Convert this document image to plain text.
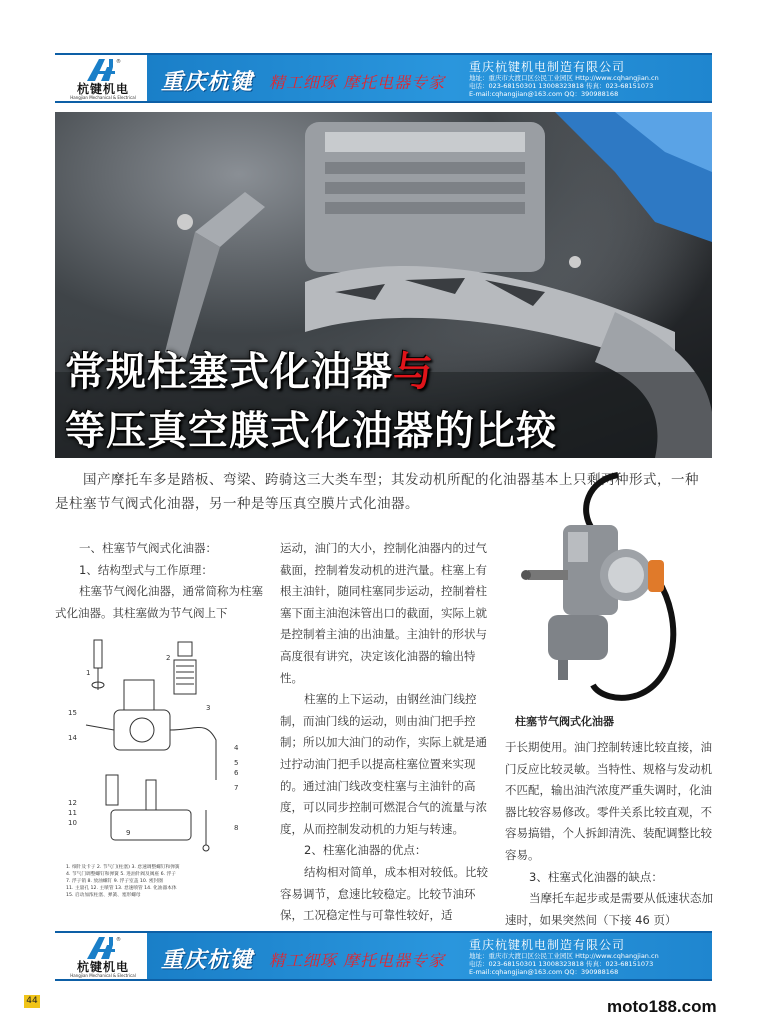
®
杭键机电
Hangjian Mechanical & Electrical
重庆杭键 精工细琢 摩托电器专家
重庆杭键机电制造有限公司
地址：重庆市大渡口区公民工业园区 Http://www.cqhangjian.cn
电话：023-68150301 13008323818 传真：023-68151073
E-mail:cqhangjian@163.com QQ：390988168
常规柱塞式化油器与
等压真空膜式化油器的比较
国产摩托车多是踏板、弯梁、跨骑这三大类车型；其发动机所配的化油器基本上只剩两种形式，一种是柱塞节气阀式化油器，另一种是等压真空膜片式化油器。

一、柱塞节气阀式化油器：

1、结构型式与工作原理：

柱塞节气阀化油器，通常简称为柱塞式化油器。其柱塞做为节气阀上下

15
14
12
11
10
9
4
5
6
7
8
1
2
3
1. 细针及卡子 2. 节气门(柱塞) 3. 怠速调整螺钉和弹簧
4. 节气门调整螺钉和弹簧 5. 进油针阀及阀座 6. 浮子
7. 浮子销 8. 放油螺钉 9. 浮子室盖 10. 密封圈
11. 主量孔 12. 主喷管 13. 怠速喷管 14. 化油器本体
15. 启动加浓柱塞、弹簧、塞形螺母

运动，油门的大小，控制化油器内的过气截面，控制着发动机的进汽量。柱塞上有根主油针，随同柱塞同步运动，控制着柱塞下面主油泡沫管出口的截面，实际上就是控制着主油的出油量。主油针的形状与高度很有讲究，决定该化油器的输出特性。

柱塞的上下运动，由钢丝油门线控制，而油门线的运动，则由油门把手控制；所以加大油门的动作，实际上就是通过拧动油门把手以提高柱塞位置来实现的。通过油门线改变柱塞与主油针的高度，可以同步控制可燃混合气的流量与浓度，从而控制发动机的力矩与转速。

2、柱塞化油器的优点：

结构相对简单，成本相对较低。比较容易调节，怠速比较稳定。比较节油环保，工况稳定性与可靠性较好，适

柱塞节气阀式化油器

于长期使用。油门控制转速比较直接，油门反应比较灵敏。当特性、规格与发动机不匹配，输出油汽浓度严重失调时，化油器比较容易修改。零件关系比较直观，不容易搞错，个人拆卸清洗、装配调整比较容易。

3、柱塞式化油器的缺点：

当摩托车起步或是需要从低速状态加速时，如果突然间（下接 46 页）

®
杭键机电
Hangjian Mechanical & Electrical
重庆杭键 精工细琢 摩托电器专家
重庆杭键机电制造有限公司
地址：重庆市大渡口区公民工业园区 Http://www.cqhangjian.cn
电话：023-68150301 13008323818 传真：023-68151073
E-mail:cqhangjian@163.com QQ：390988168
44	moto188.com
